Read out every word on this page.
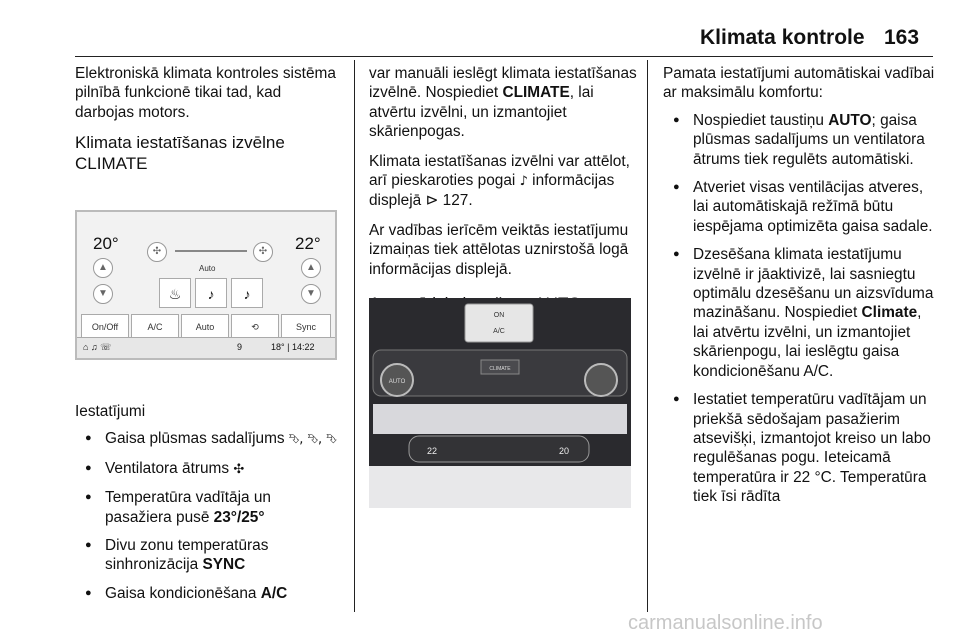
Klimata kontrole 163

Elektroniskā klimata kontroles sistēma pilnībā funkcionē tikai tad, kad darbojas motors.

Klimata iestatīšanas izvēlne CLIMATE
20°	22°
▲
▼
▲
▼
✣	✣
Auto
♨	♪	♪
On/Off	A/C	Auto	⟲	Sync
⌂ ♫ ☏	9	18° | 14:22

Iestatījumi

● Gaisa plūsmas sadalījums ⮷, ⮷, ⮷
● Ventilatora ātrums ✣
● Temperatūra vadītāja un pasažiera pusē 23°/25°
● Divu zonu temperatūras sinhronizācija SYNC
● Gaisa kondicionēšana A/C

var manuāli ieslēgt klimata iestatīšanas izvēlnē. Nospiediet CLIMATE, lai atvērtu izvēlni, un izmantojiet skārienpogas.

Klimata iestatīšanas izvēlni var attēlot, arī pieskaroties pogai ♪ informācijas displejā ⊳ 127.

Ar vadības ierīcēm veiktās iestatījumu izmaiņas tiek attēlotas uznirstošā logā informācijas displejā.

ON
A/C
AUTO
CLIMATE
22	20

Pamata iestatījumi automātiskai vadībai ar maksimālu komfortu:

● Nospiediet taustiņu AUTO; gaisa plūsmas sadalījums un ventilatora ātrums tiek regulēts automātiski.
● Atveriet visas ventilācijas atveres, lai automātiskajā režīmā būtu iespējama optimizēta gaisa sadale.
● Dzesēšana klimata iestatījumu izvēlnē ir jāaktivizē, lai sasniegtu optimālu dzesēšanu un aizsvīduma mazināšanu. Nospiediet Climate, lai atvērtu izvēlni, un izmantojiet skārienpogu, lai ieslēgtu gaisa kondicionēšanu A/C.
● Iestatiet temperatūru vadītājam un priekšā sēdošajam pasažierim atsevišķi, izmantojot kreiso un labo regulēšanas pogu. Ieteicamā temperatūra ir 22 °C. Temperatūra tiek īsi rādīta
carmanualsonline.info
